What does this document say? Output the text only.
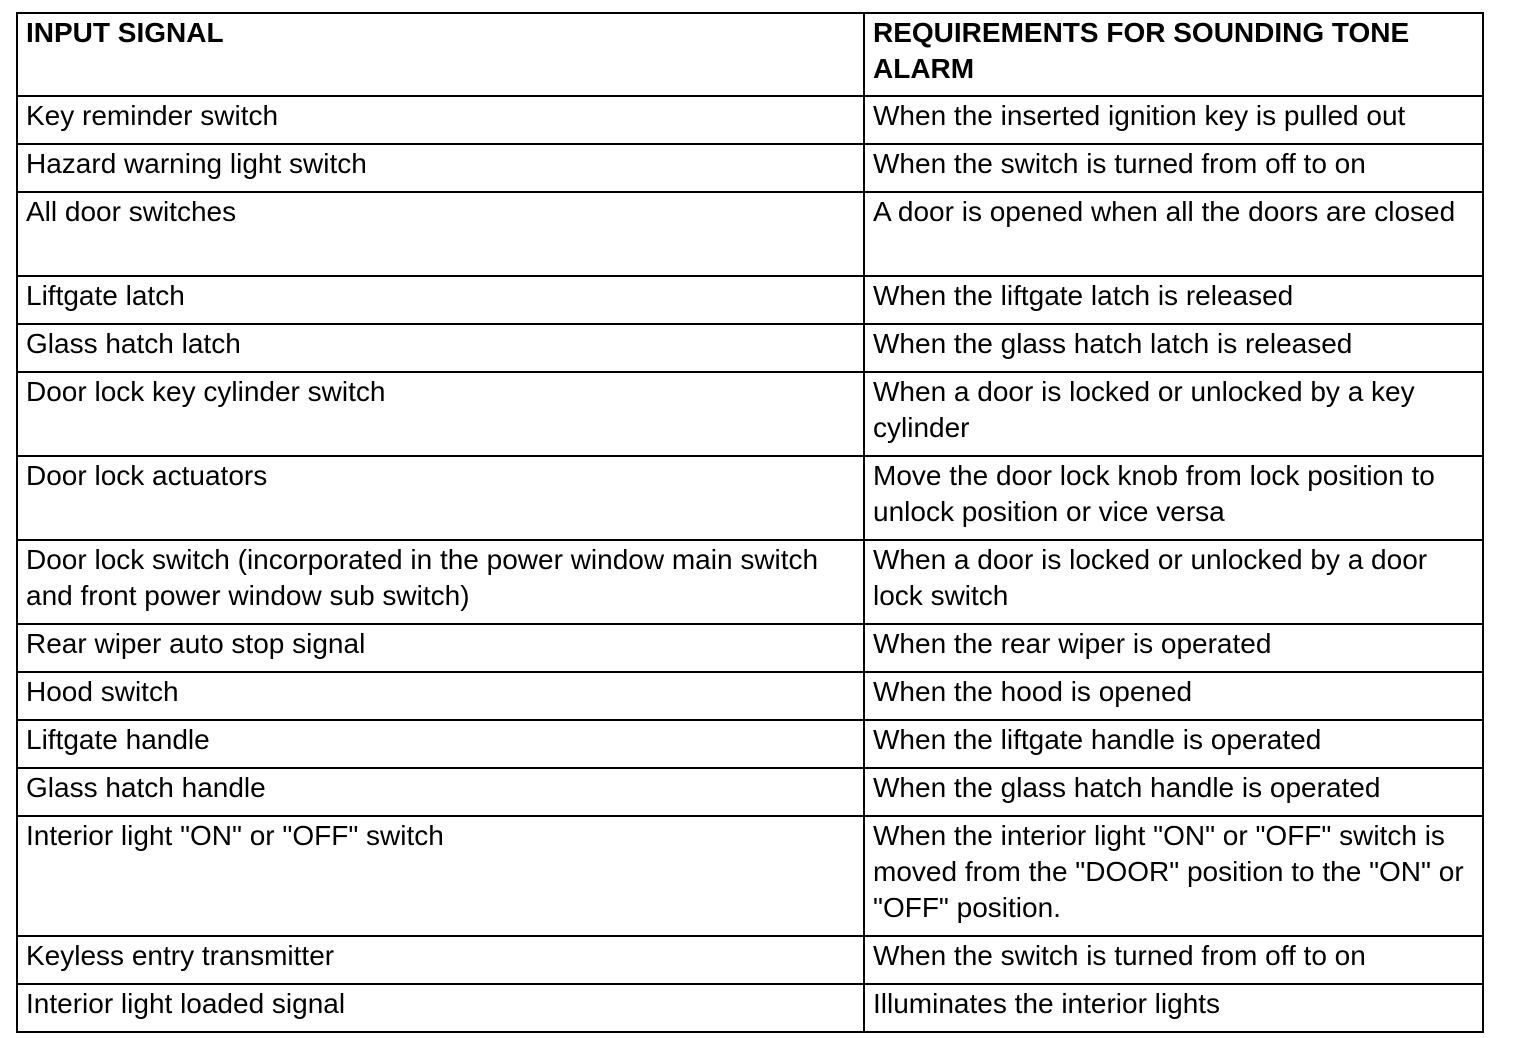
INPUT SIGNAL	REQUIREMENTS FOR SOUNDING TONE ALARM
Key reminder switch	When the inserted ignition key is pulled out
Hazard warning light switch	When the switch is turned from off to on
All door switches	A door is opened when all the doors are closed
Liftgate latch	When the liftgate latch is released
Glass hatch latch	When the glass hatch latch is released
Door lock key cylinder switch	When a door is locked or unlocked by a key cylinder
Door lock actuators	Move the door lock knob from lock position to unlock position or vice versa
Door lock switch (incorporated in the power window main switch and front power window sub switch)	When a door is locked or unlocked by a door lock switch
Rear wiper auto stop signal	When the rear wiper is operated
Hood switch	When the hood is opened
Liftgate handle	When the liftgate handle is operated
Glass hatch handle	When the glass hatch handle is operated
Interior light "ON" or "OFF" switch	When the interior light "ON" or "OFF" switch is moved from the "DOOR" position to the "ON" or "OFF" position.
Keyless entry transmitter	When the switch is turned from off to on
Interior light loaded signal	Illuminates the interior lights
